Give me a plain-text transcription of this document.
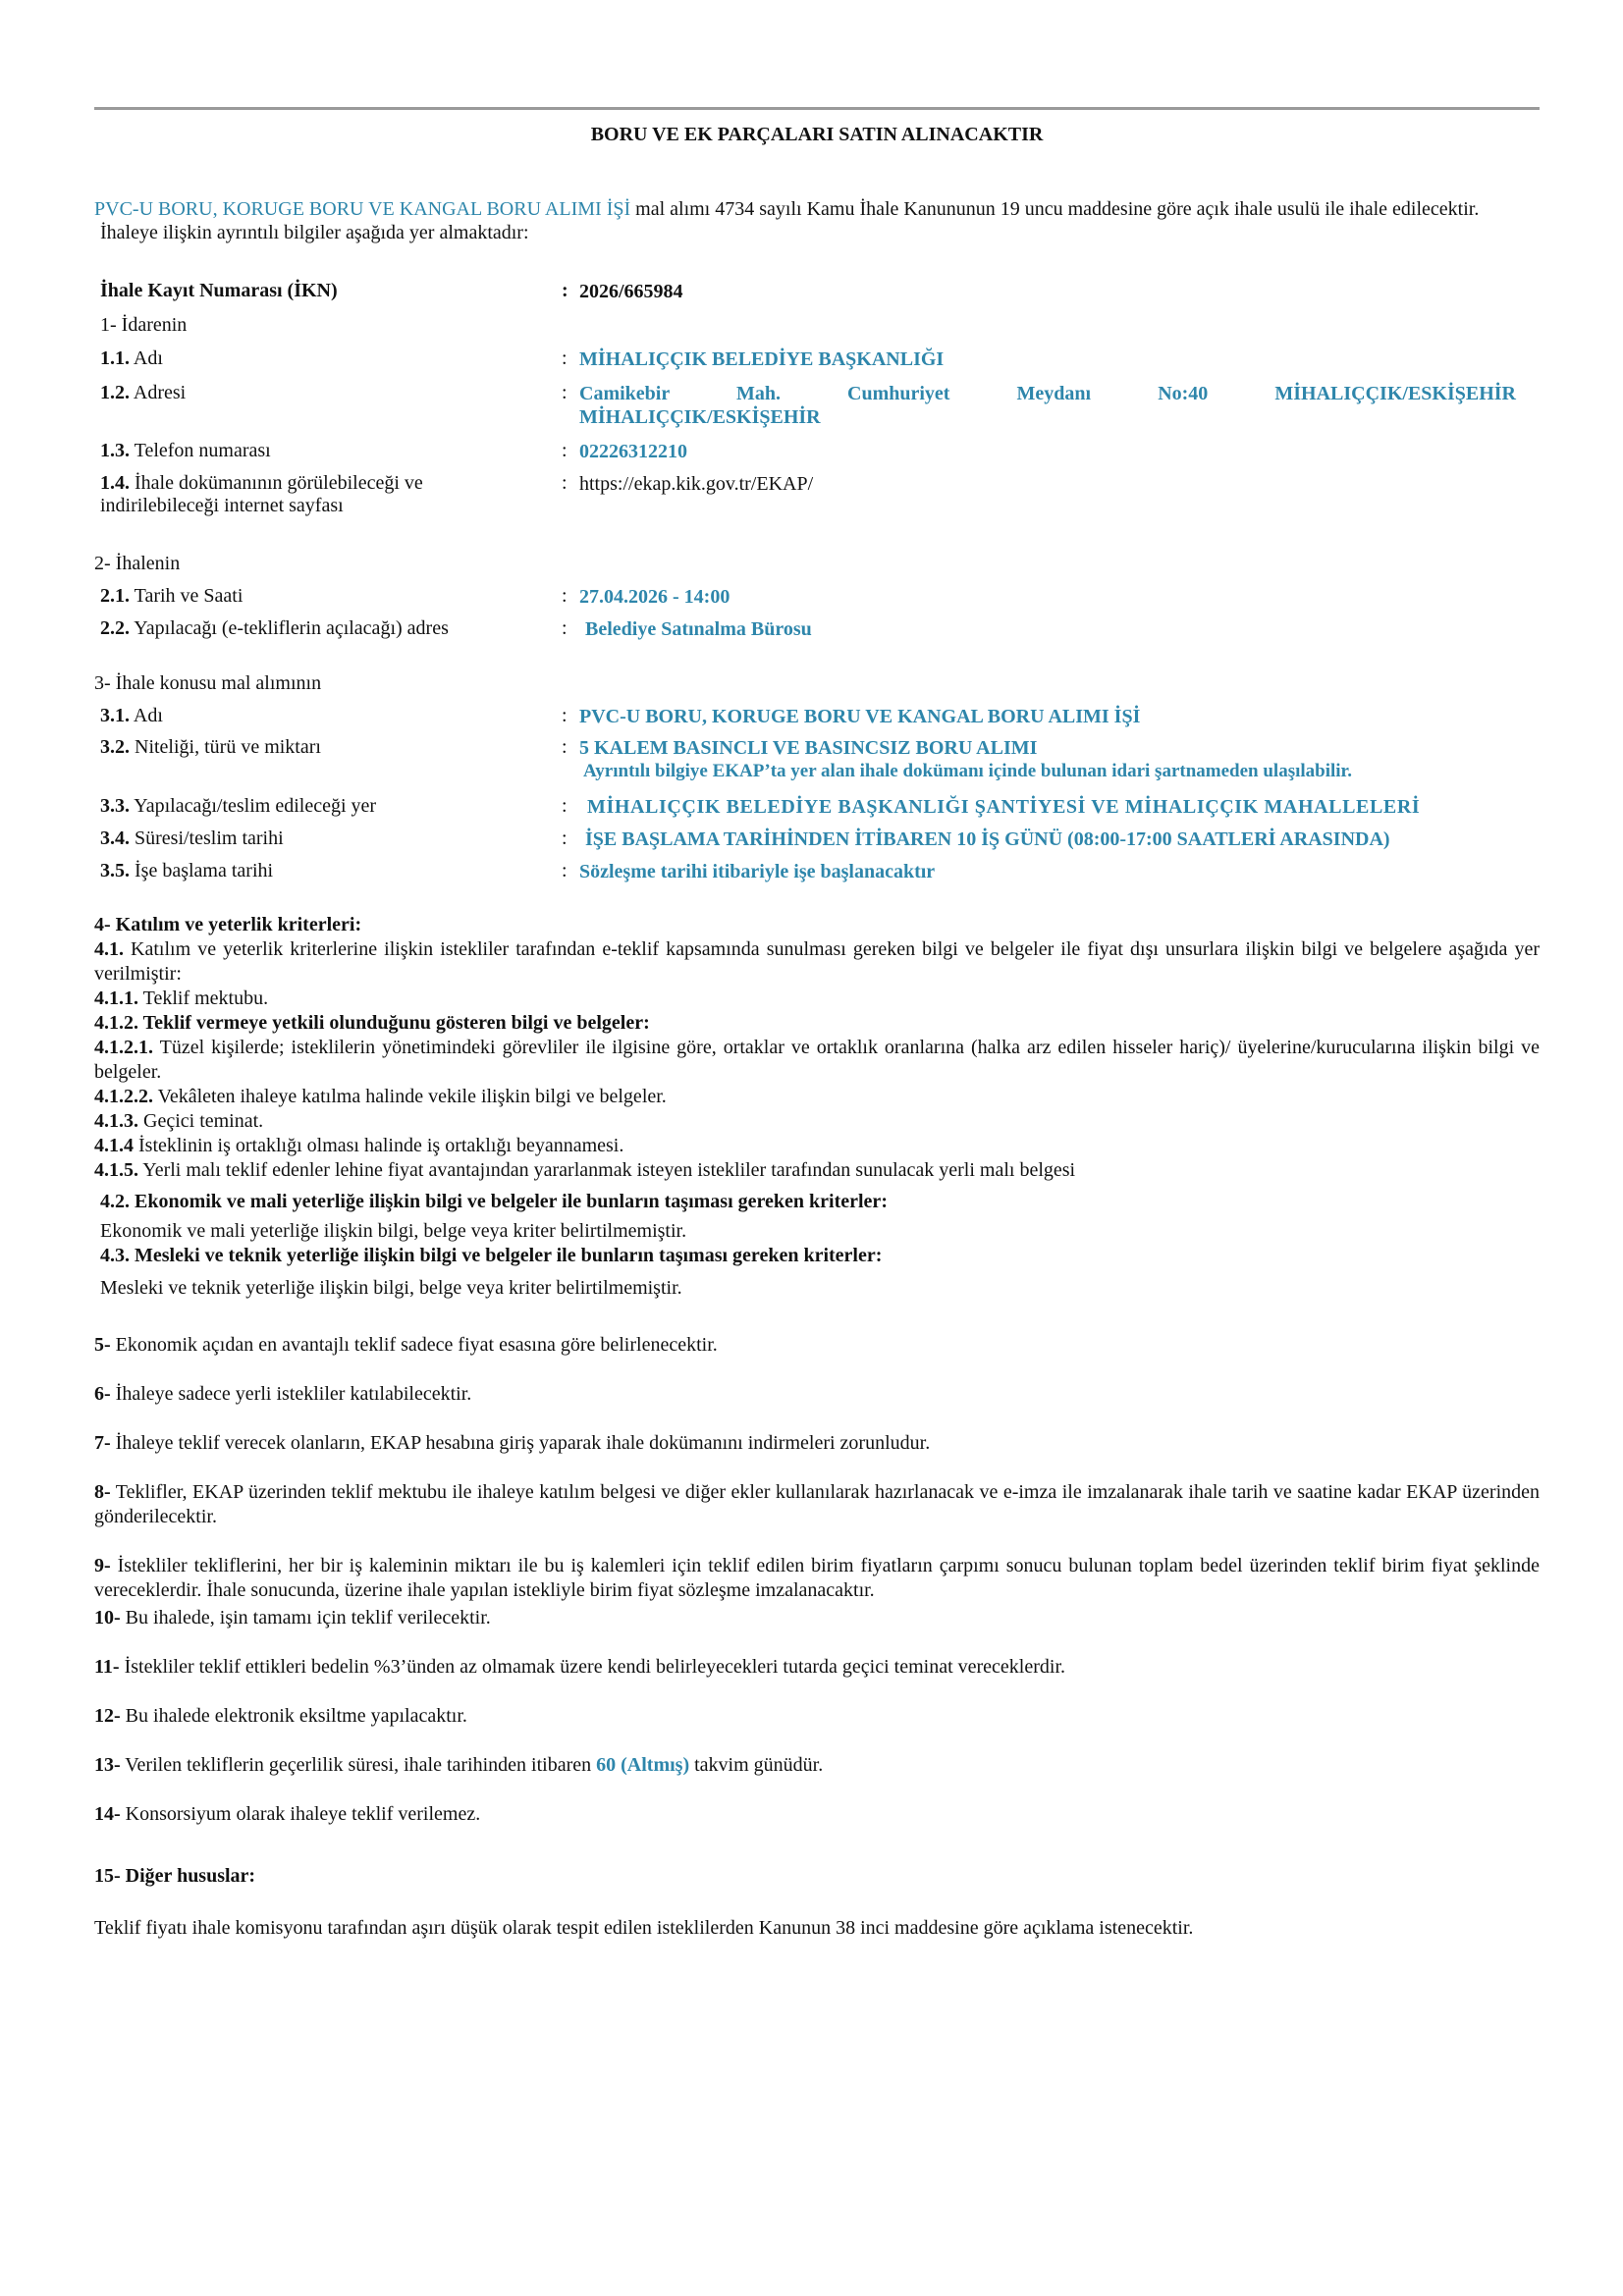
BORU VE EK PARÇALARI SATIN ALINACAKTIR
PVC-U BORU, KORUGE BORU VE KANGAL BORU ALIMI İŞİ mal alımı 4734 sayılı Kamu İhale Kanununun 19 uncu maddesine göre açık ihale usulü ile ihale edilecektir.
İhaleye ilişkin ayrıntılı bilgiler aşağıda yer almaktadır:
İhale Kayıt Numarası (İKN)	: 2026/665984
1- İdarenin
1.1. Adı	: MİHALIÇÇIK BELEDİYE BAŞKANLIĞI
1.2. Adresi	: Camikebir Mah. Cumhuriyet Meydanı No:40 MİHALIÇÇIK/ESKİŞEHİR
MİHALIÇÇIK/ESKİŞEHİR
1.3. Telefon numarası	: 02226312210
1.4. İhale dokümanının görülebileceği ve
indirilebileceği internet sayfası
: https://ekap.kik.gov.tr/EKAP/
2- İhalenin
2.1. Tarih ve Saati	: 27.04.2026 - 14:00
2.2. Yapılacağı (e-tekliflerin açılacağı) adres	: Belediye Satınalma Bürosu
3- İhale konusu mal alımının
3.1. Adı	: PVC-U BORU, KORUGE BORU VE KANGAL BORU ALIMI İŞİ
3.2. Niteliği, türü ve miktarı	: 5 KALEM BASINCLI VE BASINCSIZ BORU ALIMI
Ayrıntılı bilgiye EKAP’ta yer alan ihale dokümanı içinde bulunan idari şartnameden ulaşılabilir.
3.3. Yapılacağı/teslim edileceği yer	: MİHALIÇÇIK BELEDİYE BAŞKANLIĞI ŞANTİYESİ VE MİHALIÇÇIK MAHALLELERİ
3.4. Süresi/teslim tarihi	: İŞE BAŞLAMA TARİHİNDEN İTİBAREN 10 İŞ GÜNÜ (08:00-17:00 SAATLERİ ARASINDA)
3.5. İşe başlama tarihi	: Sözleşme tarihi itibariyle işe başlanacaktır
4- Katılım ve yeterlik kriterleri:
4.1. Katılım ve yeterlik kriterlerine ilişkin istekliler tarafından e-teklif kapsamında sunulması gereken bilgi ve belgeler ile fiyat dışı unsurlara ilişkin bilgi ve belgelere aşağıda yer verilmiştir:
4.1.1. Teklif mektubu.
4.1.2. Teklif vermeye yetkili olunduğunu gösteren bilgi ve belgeler:
4.1.2.1. Tüzel kişilerde; isteklilerin yönetimindeki görevliler ile ilgisine göre, ortaklar ve ortaklık oranlarına (halka arz edilen hisseler hariç)/ üyelerine/kurucularına ilişkin bilgi ve belgeler.
4.1.2.2. Vekâleten ihaleye katılma halinde vekile ilişkin bilgi ve belgeler.
4.1.3. Geçici teminat.
4.1.4 İsteklinin iş ortaklığı olması halinde iş ortaklığı beyannamesi.
4.1.5. Yerli malı teklif edenler lehine fiyat avantajından yararlanmak isteyen istekliler tarafından sunulacak yerli malı belgesi
4.2. Ekonomik ve mali yeterliğe ilişkin bilgi ve belgeler ile bunların taşıması gereken kriterler:
Ekonomik ve mali yeterliğe ilişkin bilgi, belge veya kriter belirtilmemiştir.
4.3. Mesleki ve teknik yeterliğe ilişkin bilgi ve belgeler ile bunların taşıması gereken kriterler:
Mesleki ve teknik yeterliğe ilişkin bilgi, belge veya kriter belirtilmemiştir.
5- Ekonomik açıdan en avantajlı teklif sadece fiyat esasına göre belirlenecektir.
6- İhaleye sadece yerli istekliler katılabilecektir.
7- İhaleye teklif verecek olanların, EKAP hesabına giriş yaparak ihale dokümanını indirmeleri zorunludur.
8- Teklifler, EKAP üzerinden teklif mektubu ile ihaleye katılım belgesi ve diğer ekler kullanılarak hazırlanacak ve e-imza ile imzalanarak ihale tarih ve saatine kadar EKAP üzerinden gönderilecektir.
9- İstekliler tekliflerini, her bir iş kaleminin miktarı ile bu iş kalemleri için teklif edilen birim fiyatların çarpımı sonucu bulunan toplam bedel üzerinden teklif birim fiyat şeklinde vereceklerdir. İhale sonucunda, üzerine ihale yapılan istekliyle birim fiyat sözleşme imzalanacaktır.
10- Bu ihalede, işin tamamı için teklif verilecektir.
11- İstekliler teklif ettikleri bedelin %3’ünden az olmamak üzere kendi belirleyecekleri tutarda geçici teminat vereceklerdir.
12- Bu ihalede elektronik eksiltme yapılacaktır.
13- Verilen tekliflerin geçerlilik süresi, ihale tarihinden itibaren 60 (Altmış) takvim günüdür.
14- Konsorsiyum olarak ihaleye teklif verilemez.
15- Diğer hususlar:
Teklif fiyatı ihale komisyonu tarafından aşırı düşük olarak tespit edilen isteklilerden Kanunun 38 inci maddesine göre açıklama istenecektir.
